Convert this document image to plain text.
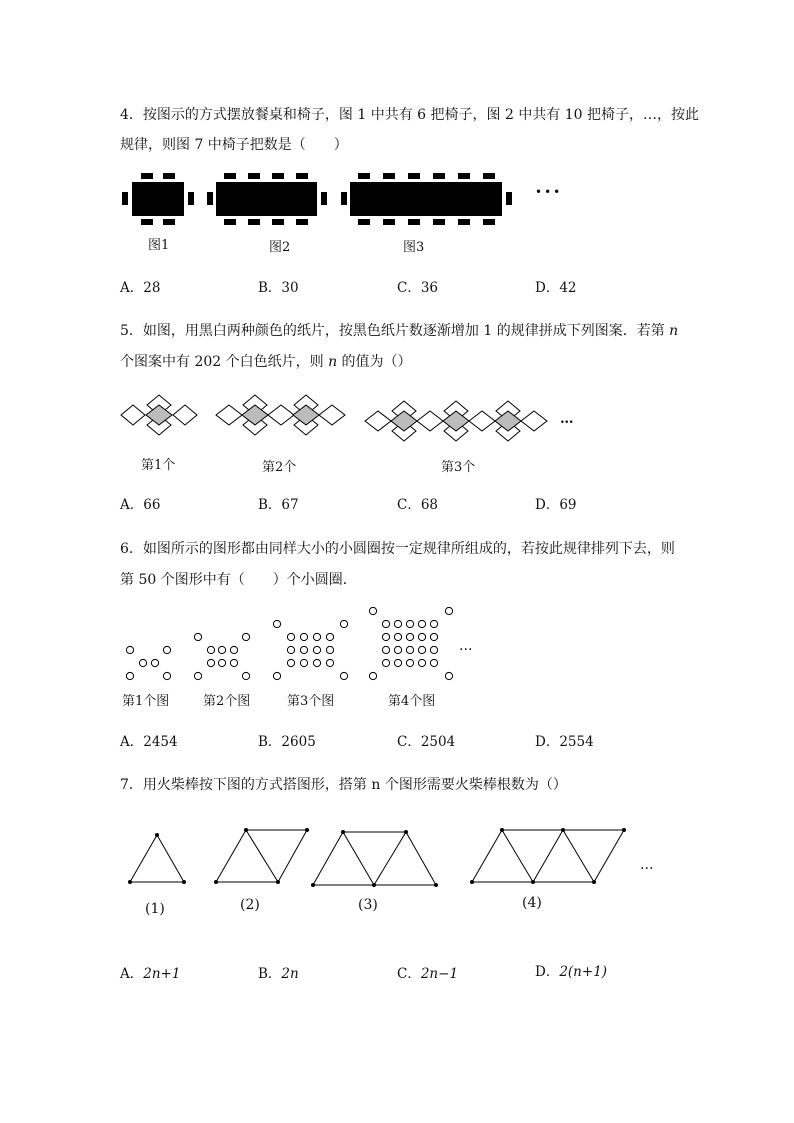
4．按图示的方式摆放餐桌和椅子，图 1 中共有 6 把椅子，图 2 中共有 10 把椅子，…，按此
规律，则图 7 中椅子把数是（　　）
•••
图1	图2	图3
A．28	B．30	C．36	D．42
5．如图，用黑白两种颜色的纸片，按黑色纸片数逐渐增加 1 的规律拼成下列图案．若第 n
个图案中有 202 个白色纸片，则 n 的值为（）
…
第1个	第2个	第3个
A．66	B．67	C．68	D．69
6．如图所示的图形都由同样大小的小圆圈按一定规律所组成的，若按此规律排列下去，则
第 50 个图形中有（　　）个小圆圈．
…
第1个图	第2个图	第3个图	第4个图
A．2454	B．2605	C．2504	D．2554
7．用火柴棒按下图的方式搭图形，搭第 n 个图形需要火柴棒根数为（）
…
(1)	(2)	(3)	(4)
A．2n+1	B．2n	C．2n−1	D．2(n+1)
